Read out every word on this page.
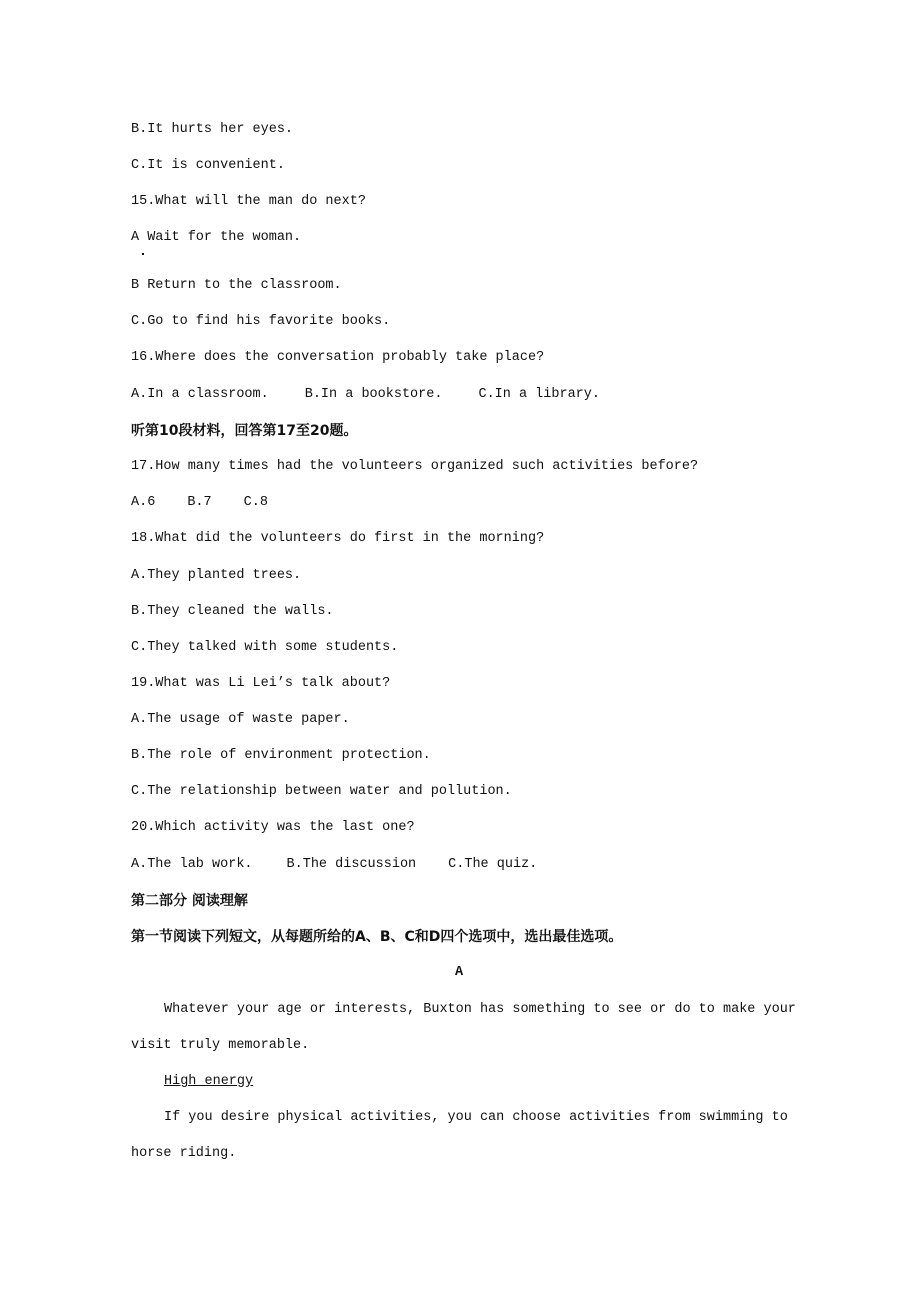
B.It hurts her eyes.
C.It is convenient.
15.What will the man do next?
A Wait for the woman.
B Return to the classroom.
C.Go to find his favorite books.
16.Where does the conversation probably take place?
A.In a classroom.	B.In a bookstore.	C.In a library.
听第10段材料，回答第17至20题。
17.How many times had the volunteers organized such activities before?
A.6 B.7 C.8
18.What did the volunteers do first in the morning?
A.They planted trees.
B.They cleaned the walls.
C.They talked with some students.
19.What was Li Lei’s talk about?
A.The usage of waste paper.
B.The role of environment protection.
C.The relationship between water and pollution.
20.Which activity was the last one?
A.The lab work.	B.The discussion C.The quiz.
第二部分 阅读理解
第一节阅读下列短文，从每题所给的A、B、C和D四个选项中，选出最佳选项。
A
Whatever your age or interests, Buxton has something to see or do to make your
visit truly memorable.
High energy
If you desire physical activities, you can choose activities from swimming to
horse riding.
